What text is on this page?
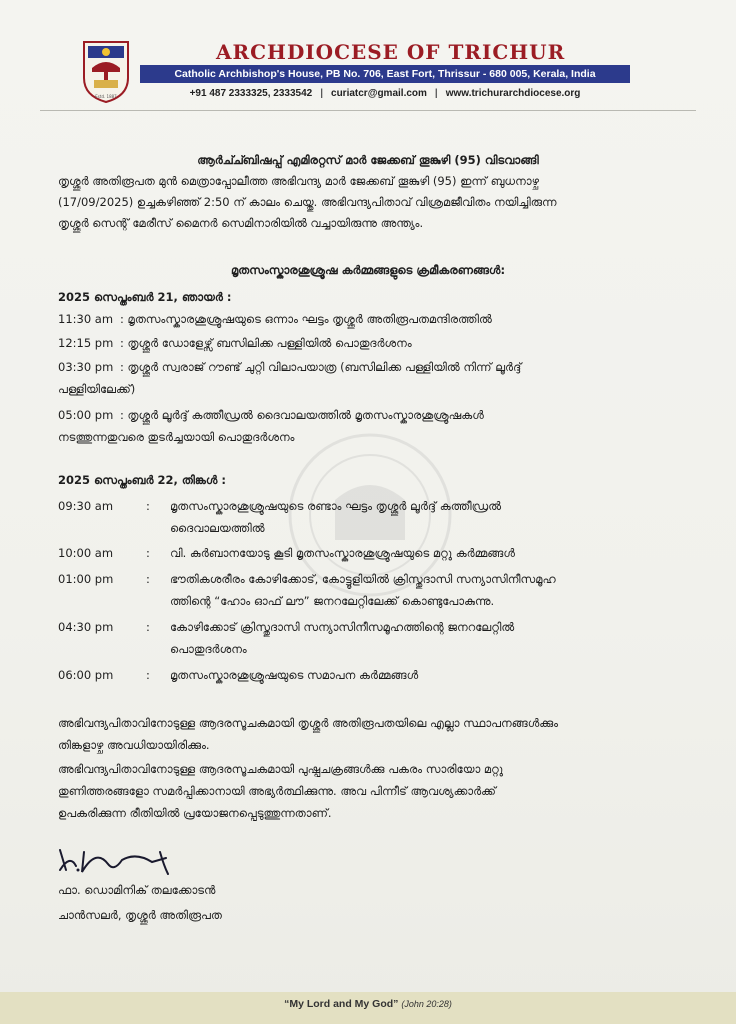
Estd. 1887
ARCHDIOCESE OF TRICHUR
Catholic Archbishop's House, PB No. 706, East Fort, Thrissur - 680 005, Kerala, India
+91 487 2333325, 2333542 | curiatcr@gmail.com | www.trichurarchdiocese.org
ആർച്ച്ബിഷപ്പ് എമിരറ്റസ് മാർ ജേക്കബ് തൂങ്കുഴി (95) വിടവാങ്ങി
തൃശ്ശൂർ അതിരൂപത മുൻ മെത്രാപ്പോലീത്ത അഭിവന്ദ്യ മാർ ജേക്കബ് തൂങ്കുഴി (95) ഇന്ന് ബുധനാഴ്ച
(17/09/2025) ഉച്ചകഴിഞ്ഞ് 2:50 ന് കാലം ചെയ്തു. അഭിവന്ദ്യപിതാവ് വിശ്രമജീവിതം നയിച്ചിരുന്ന
തൃശ്ശൂർ സെന്റ് മേരീസ് മൈനർ സെമിനാരിയിൽ വച്ചായിരുന്നു അന്ത്യം.
മൃതസംസ്കാരശുശ്രൂഷ കർമ്മങ്ങളുടെ ക്രമീകരണങ്ങൾ:
2025 സെപ്തംബർ 21, ഞായർ :
11:30 am : മൃതസംസ്കാരശുശ്രൂഷയുടെ ഒന്നാം ഘട്ടം തൃശ്ശൂർ അതിരൂപതമന്ദിരത്തിൽ
12:15 pm : തൃശ്ശൂർ ഡോളേഴ്സ് ബസിലിക്ക പള്ളിയിൽ പൊതുദർശനം
03:30 pm : തൃശ്ശൂർ സ്വരാജ് റൗണ്ട് ചുറ്റി വിലാപയാത്ര (ബസിലിക്ക പള്ളിയിൽ നിന്ന് ലൂർദ്ദ്
പള്ളിയിലേക്ക്)
05:00 pm : തൃശ്ശൂർ ലൂർദ്ദ് കത്തീഡ്രൽ ദൈവാലയത്തിൽ മൃതസംസ്കാരശുശ്രൂഷകൾ
നടത്തുന്നതുവരെ തുടർച്ചയായി പൊതുദർശനം
2025 സെപ്തംബർ 22, തിങ്കൾ :
09:30 am	: മൃതസംസ്കാരശുശ്രൂഷയുടെ രണ്ടാം ഘട്ടം തൃശ്ശൂർ ലൂർദ്ദ് കത്തീഡ്രൽ
ദൈവാലയത്തിൽ
10:00 am	: വി. കുർബാനയോടു കൂടി മൃതസംസ്കാരശുശ്രൂഷയുടെ മറ്റു കർമ്മങ്ങൾ
01:00 pm	: ഭൗതികശരീരം കോഴിക്കോട്, കോട്ടൂളിയിൽ ക്രിസ്തുദാസി സന്യാസിനീസമൂഹ
ത്തിന്റെ “ഹോം ഓഫ് ലൗ” ജനറലേറ്റിലേക്ക് കൊണ്ടുപോകുന്നു.
04:30 pm	: കോഴിക്കോട് ക്രിസ്തുദാസി സന്യാസിനീസമൂഹത്തിന്റെ ജനറലേറ്റിൽ
പൊതുദർശനം
06:00 pm	: മൃതസംസ്കാരശുശ്രൂഷയുടെ സമാപന കർമ്മങ്ങൾ
അഭിവന്ദ്യപിതാവിനോടുള്ള ആദരസൂചകമായി തൃശ്ശൂർ അതിരൂപതയിലെ എല്ലാ സ്ഥാപനങ്ങൾക്കും
തിങ്കളാഴ്ച അവധിയായിരിക്കും.
അഭിവന്ദ്യപിതാവിനോടുള്ള ആദരസൂചകമായി പുഷ്പചക്രങ്ങൾക്കു പകരം സാരിയോ മറ്റു
തുണിത്തരങ്ങളോ സമർപ്പിക്കാനായി അഭ്യർത്ഥിക്കുന്നു. അവ പിന്നീട് ആവശ്യക്കാർക്ക്
ഉപകരിക്കുന്ന രീതിയിൽ പ്രയോജനപ്പെടുത്തുന്നതാണ്.
ഫാ. ഡൊമിനിക് തലക്കോടൻ
ചാൻസലർ, തൃശ്ശൂർ അതിരൂപത
“My Lord and My God” (John 20:28)
